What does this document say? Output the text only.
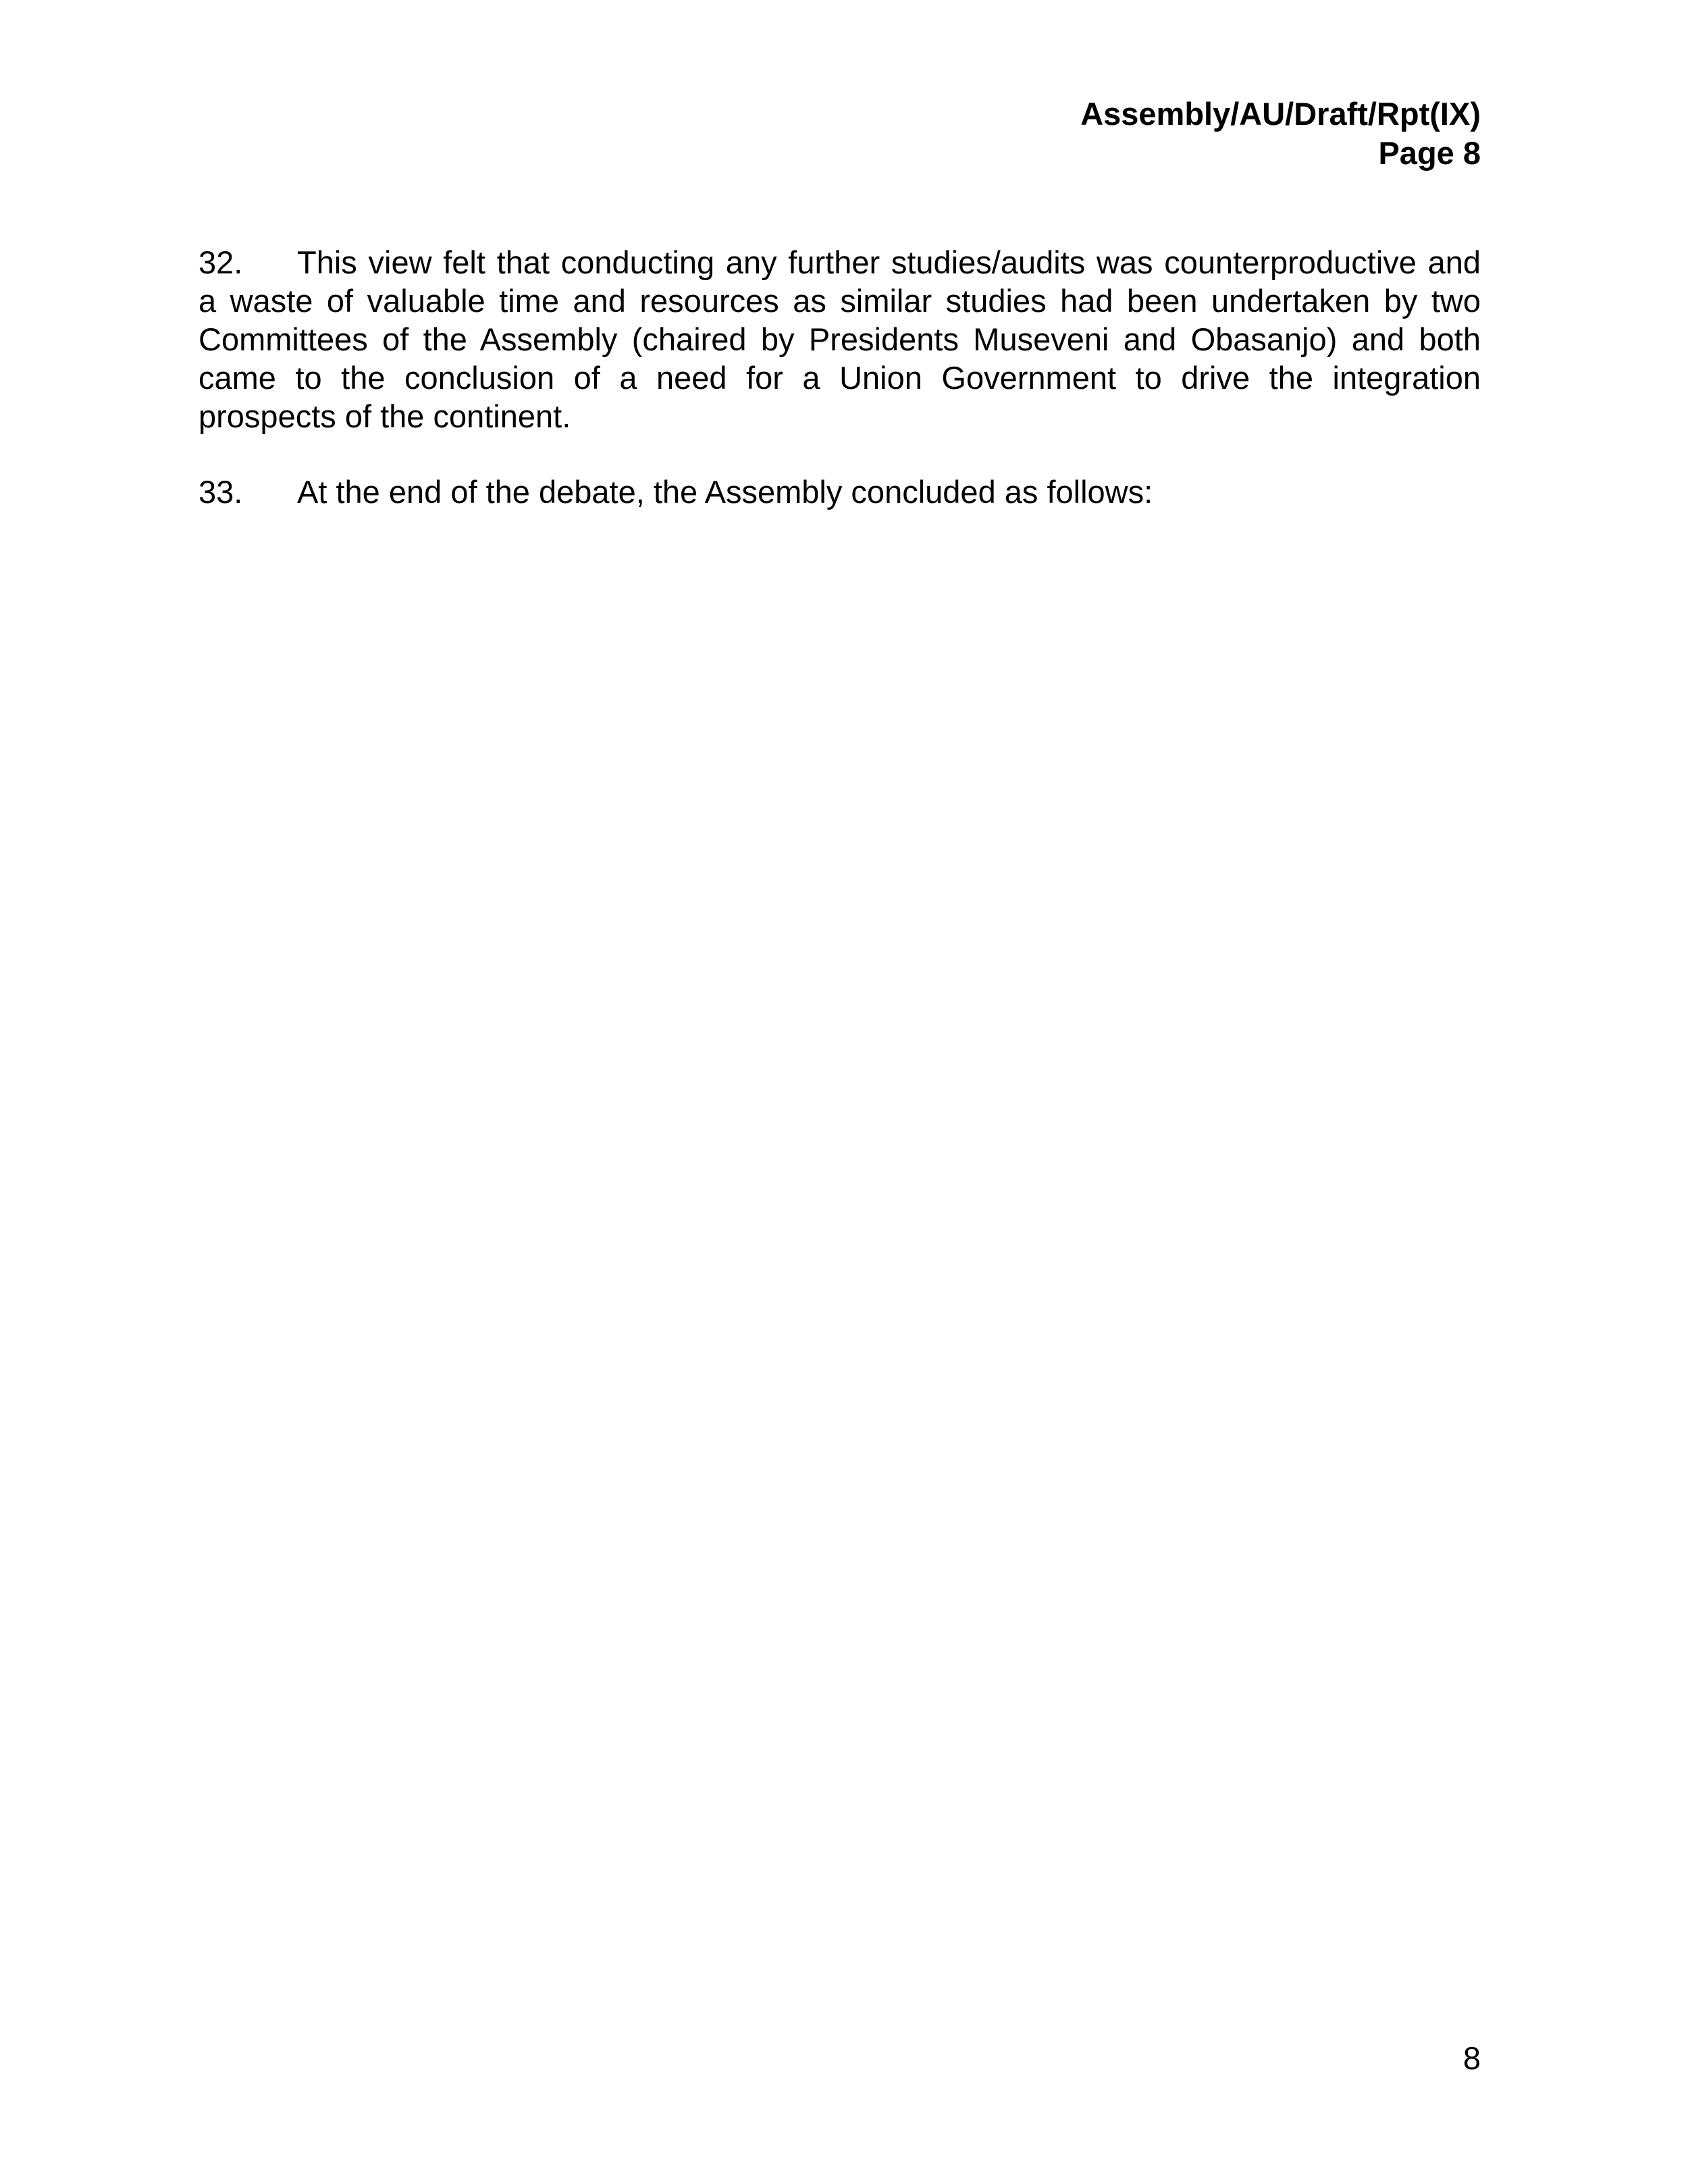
Assembly/AU/Draft/Rpt(IX)
Page 8

32. This view felt that conducting any further studies/audits was counterproductive and a waste of valuable time and resources as similar studies had been undertaken by two Committees of the Assembly (chaired by Presidents Museveni and Obasanjo) and both came to the conclusion of a need for a Union Government to drive the integration prospects of the continent.

33. At the end of the debate, the Assembly concluded as follows:

8
